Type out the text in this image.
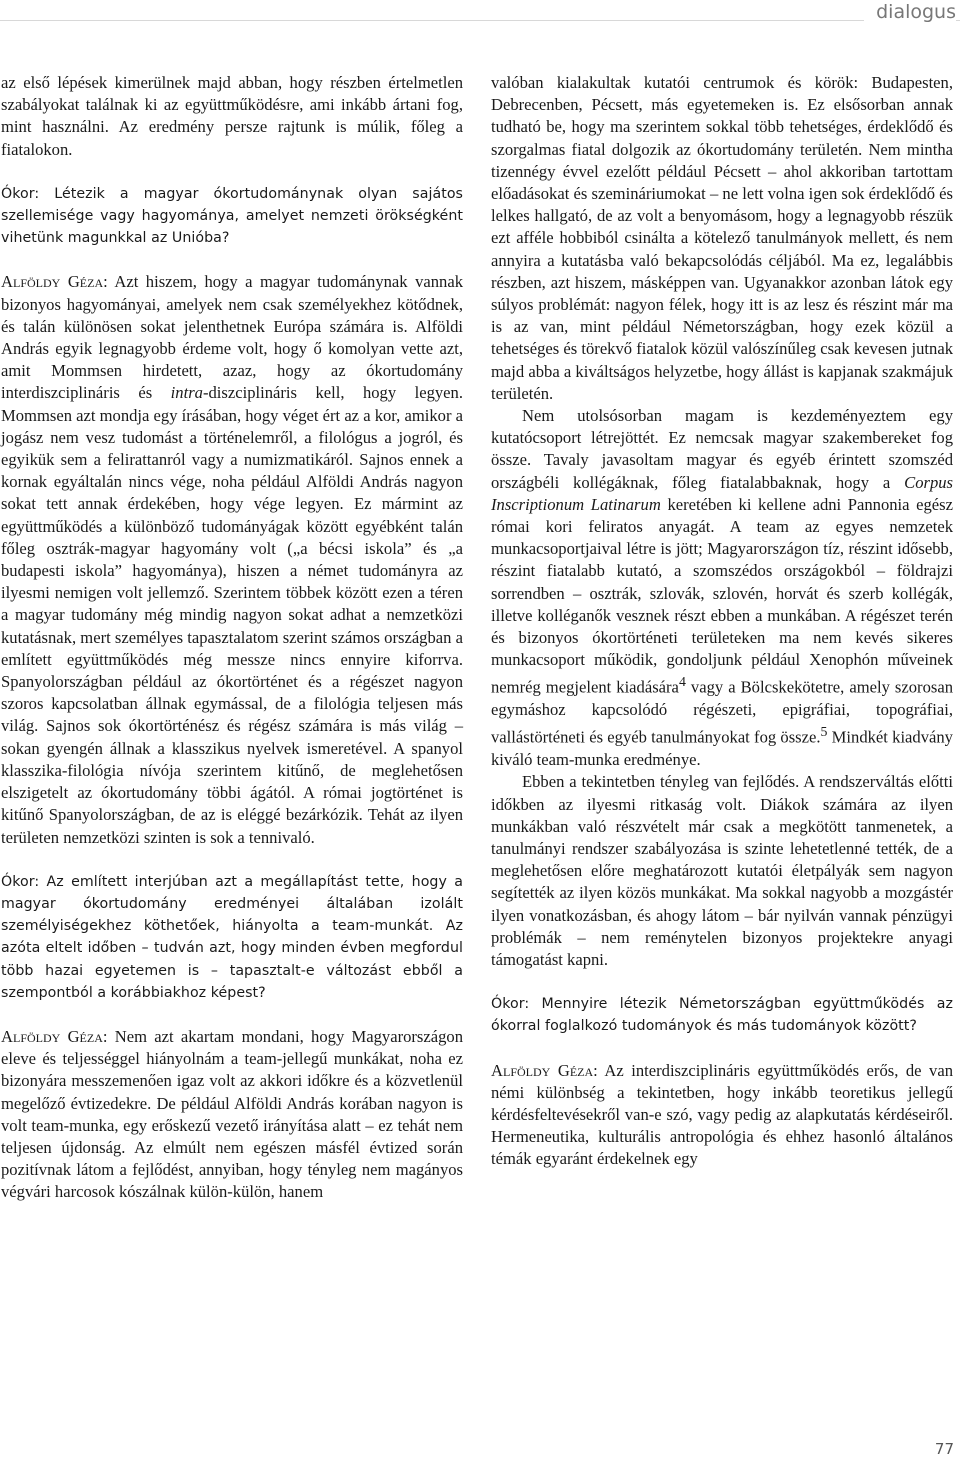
dialogus

az első lépések kimerülnek majd abban, hogy részben értelmetlen szabályokat találnak ki az együttműködésre, ami inkább ártani fog, mint használni. Az eredmény persze rajtunk is múlik, főleg a fiatalokon.

Ókor: Létezik a magyar ókortudománynak olyan sajátos szellemisége vagy hagyománya, amelyet nemzeti örökségként vihetünk magunkkal az Unióba?

Alföldy Géza: Azt hiszem, hogy a magyar tudománynak vannak bizonyos hagyományai, amelyek nem csak személyekhez kötődnek, és talán különösen sokat jelenthetnek Európa számára is. Alföldi András egyik legnagyobb érdeme volt, hogy ő komolyan vette azt, amit Mommsen hirdetett, azaz, hogy az ókortudomány interdiszciplináris és intra-diszciplináris kell, hogy legyen. Mommsen azt mondja egy írásában, hogy véget ért az a kor, amikor a jogász nem vesz tudomást a történelemről, a filológus a jogról, és egyikük sem a felirattanról vagy a numizmatikáról. Sajnos ennek a kornak egyáltalán nincs vége, noha például Alföldi András nagyon sokat tett annak érdekében, hogy vége legyen. Ez mármint az együttműködés a különböző tudományágak között egyébként talán főleg osztrák-magyar hagyomány volt („a bécsi iskola” és „a budapesti iskola” hagyománya), hiszen a német tudományra az ilyesmi nemigen volt jellemző. Szerintem többek között ezen a téren a magyar tudomány még mindig nagyon sokat adhat a nemzetközi kutatásnak, mert személyes tapasztalatom szerint számos országban a említett együttműködés még messze nincs ennyire kiforrva. Spanyolországban például az ókortörténet és a régészet nagyon szoros kapcsolatban állnak egymással, de a filológia teljesen más világ. Sajnos sok ókortörténész és régész számára is más világ – sokan gyengén állnak a klasszikus nyelvek ismeretével. A spanyol klasszika-filológia nívója szerintem kitűnő, de meglehetősen elszigetelt az ókortudomány többi ágától. A római jogtörténet is kitűnő Spanyolországban, de az is eléggé bezárkózik. Tehát az ilyen területen nemzetközi szinten is sok a tennivaló.

Ókor: Az említett interjúban azt a megállapítást tette, hogy a magyar ókortudomány eredményei általában izolált személyiségekhez köthetőek, hiányolta a team-munkát. Az azóta eltelt időben – tudván azt, hogy minden évben megfordul több hazai egyetemen is – tapasztalt-e változást ebből a szempontból a korábbiakhoz képest?

Alföldy Géza: Nem azt akartam mondani, hogy Magyarországon eleve és teljességgel hiányolnám a team-jellegű munkákat, noha ez bizonyára messzemenően igaz volt az akkori időkre és a közvetlenül megelőző évtizedekre. De például Alföldi András korában nagyon is volt team-munka, egy erőskezű vezető irányítása alatt – ez tehát nem teljesen újdonság. Az elmúlt nem egészen másfél évtized során pozitívnak látom a fejlődést, annyiban, hogy tényleg nem magányos végvári harcosok kószálnak külön-külön, hanem

valóban kialakultak kutatói centrumok és körök: Budapesten, Debrecenben, Pécsett, más egyetemeken is. Ez elsősorban annak tudható be, hogy ma szerintem sokkal több tehetséges, érdeklődő és szorgalmas fiatal dolgozik az ókortudomány területén. Nem mintha tizennégy évvel ezelőtt például Pécsett – ahol akkoriban tartottam előadásokat és szemináriumokat – ne lett volna igen sok érdeklődő és lelkes hallgató, de az volt a benyomásom, hogy a legnagyobb részük ezt afféle hobbiból csinálta a kötelező tanulmányok mellett, és nem annyira a kutatásba való bekapcsolódás céljából. Ma ez, legalábbis részben, azt hiszem, másképpen van. Ugyanakkor azonban látok egy súlyos problémát: nagyon félek, hogy itt is az lesz és részint már ma is az van, mint például Németországban, hogy ezek közül a tehetséges és törekvő fiatalok közül valószínűleg csak kevesen jutnak majd abba a kiváltságos helyzetbe, hogy állást is kapjanak szakmájuk területén.

Nem utolsósorban magam is kezdeményeztem egy kutatócsoport létrejöttét. Ez nemcsak magyar szakembereket fog össze. Tavaly javasoltam magyar és egyéb érintett szomszéd országbéli kollégáknak, főleg fiatalabbaknak, hogy a Corpus Inscriptionum Latinarum keretében ki kellene adni Pannonia egész római kori feliratos anyagát. A team az egyes nemzetek munkacsoportjaival létre is jött; Magyarországon tíz, részint idősebb, részint fiatalabb kutató, a szomszédos országokból – földrajzi sorrendben – osztrák, szlovák, szlovén, horvát és szerb kollégák, illetve kolléganők vesznek részt ebben a munkában. A régészet terén és bizonyos ókortörténeti területeken ma nem kevés sikeres munkacsoport működik, gondoljunk például Xenophón műveinek nemrég megjelent kiadására$^4$ vagy a Bölcskekötetre, amely szorosan egymáshoz kapcsolódó régészeti, epigráfiai, topográfiai, vallástörténeti és egyéb tanulmányokat fog össze.$^5$ Mindkét kiadvány kiváló team-munka eredménye.

Ebben a tekintetben tényleg van fejlődés. A rendszerváltás előtti időkben az ilyesmi ritkaság volt. Diákok számára az ilyen munkákban való részvételt már csak a megkötött tanmenetek, a tanulmányi rendszer szabályozása is szinte lehetetlenné tették, de a meglehetősen előre meghatározott kutatói életpályák sem nagyon segítették az ilyen közös munkákat. Ma sokkal nagyobb a mozgástér ilyen vonatkozásban, és ahogy látom – bár nyilván vannak pénzügyi problémák – nem reménytelen bizonyos projektekre anyagi támogatást kapni.

Ókor: Mennyire létezik Németországban együttműködés az ókorral foglalkozó tudományok és más tudományok között?

Alföldy Géza: Az interdiszciplináris együttműködés erős, de van némi különbség a tekintetben, hogy inkább teoretikus jellegű kérdésfeltevésekről van-e szó, vagy pedig az alapkutatás kérdéseiről. Hermeneutika, kulturális antropológia és ehhez hasonló általános témák egyaránt érdekelnek egy

77
